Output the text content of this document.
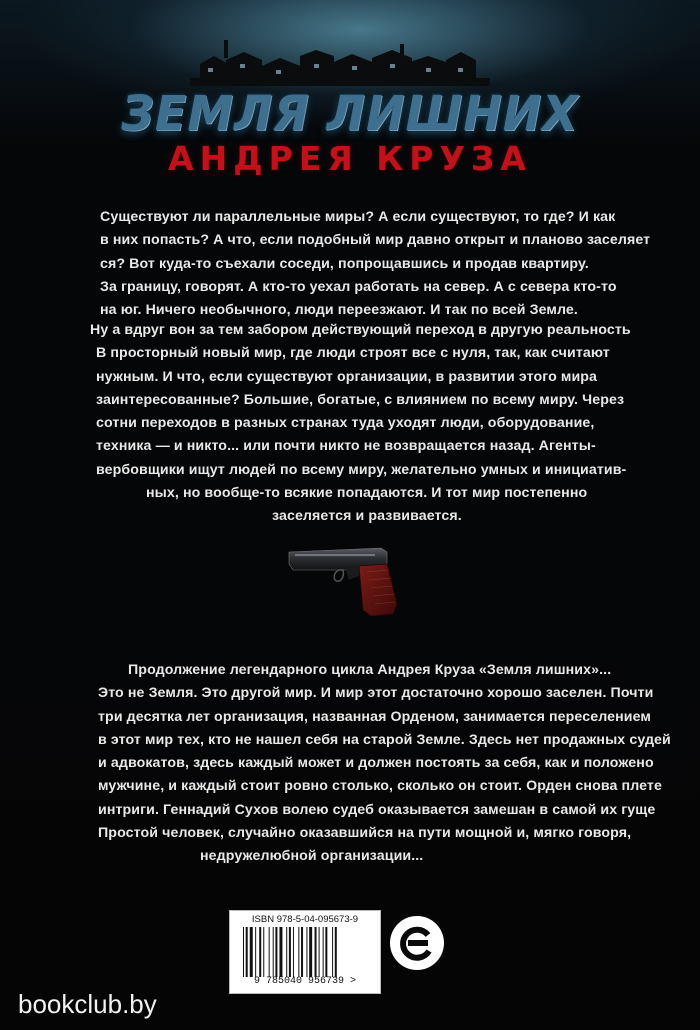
ЗЕМЛЯ ЛИШНИХ
АНДРЕЯ КРУЗА
Существуют ли параллельные миры? А если существуют, то где? И как
в них попасть? А что, если подобный мир давно открыт и планово заселяет
ся? Вот куда-то съехали соседи, попрощавшись и продав квартиру.
За границу, говорят. А кто-то уехал работать на север. А с севера кто-то
на юг. Ничего необычного, люди переезжают. И так по всей Земле.
Ну а вдруг вон за тем забором действующий переход в другую реальность
В просторный новый мир, где люди строят все с нуля, так, как считают
нужным. И что, если существуют организации, в развитии этого мира
заинтересованные? Большие, богатые, с влиянием по всему миру. Через
сотни переходов в разных странах туда уходят люди, оборудование,
техника — и никто... или почти никто не возвращается назад. Агенты-
вербовщики ищут людей по всему миру, желательно умных и инициатив-
ных, но вообще-то всякие попадаются. И тот мир постепенно
заселяется и развивается.
Продолжение легендарного цикла Андрея Круза «Земля лишних»...
Это не Земля. Это другой мир. И мир этот достаточно хорошо заселен. Почти
три десятка лет организация, названная Орденом, занимается переселением
в этот мир тех, кто не нашел себя на старой Земле. Здесь нет продажных судей
и адвокатов, здесь каждый может и должен постоять за себя, как и положено
мужчине, и каждый стоит ровно столько, сколько он стоит. Орден снова плете
интриги. Геннадий Сухов волею судеб оказывается замешан в самой их гуще
Простой человек, случайно оказавшийся на пути мощной и, мягко говоря,
недружелюбной организации...
ISBN 978-5-04-095673-9
9 785040 956739 >
bookclub.by
